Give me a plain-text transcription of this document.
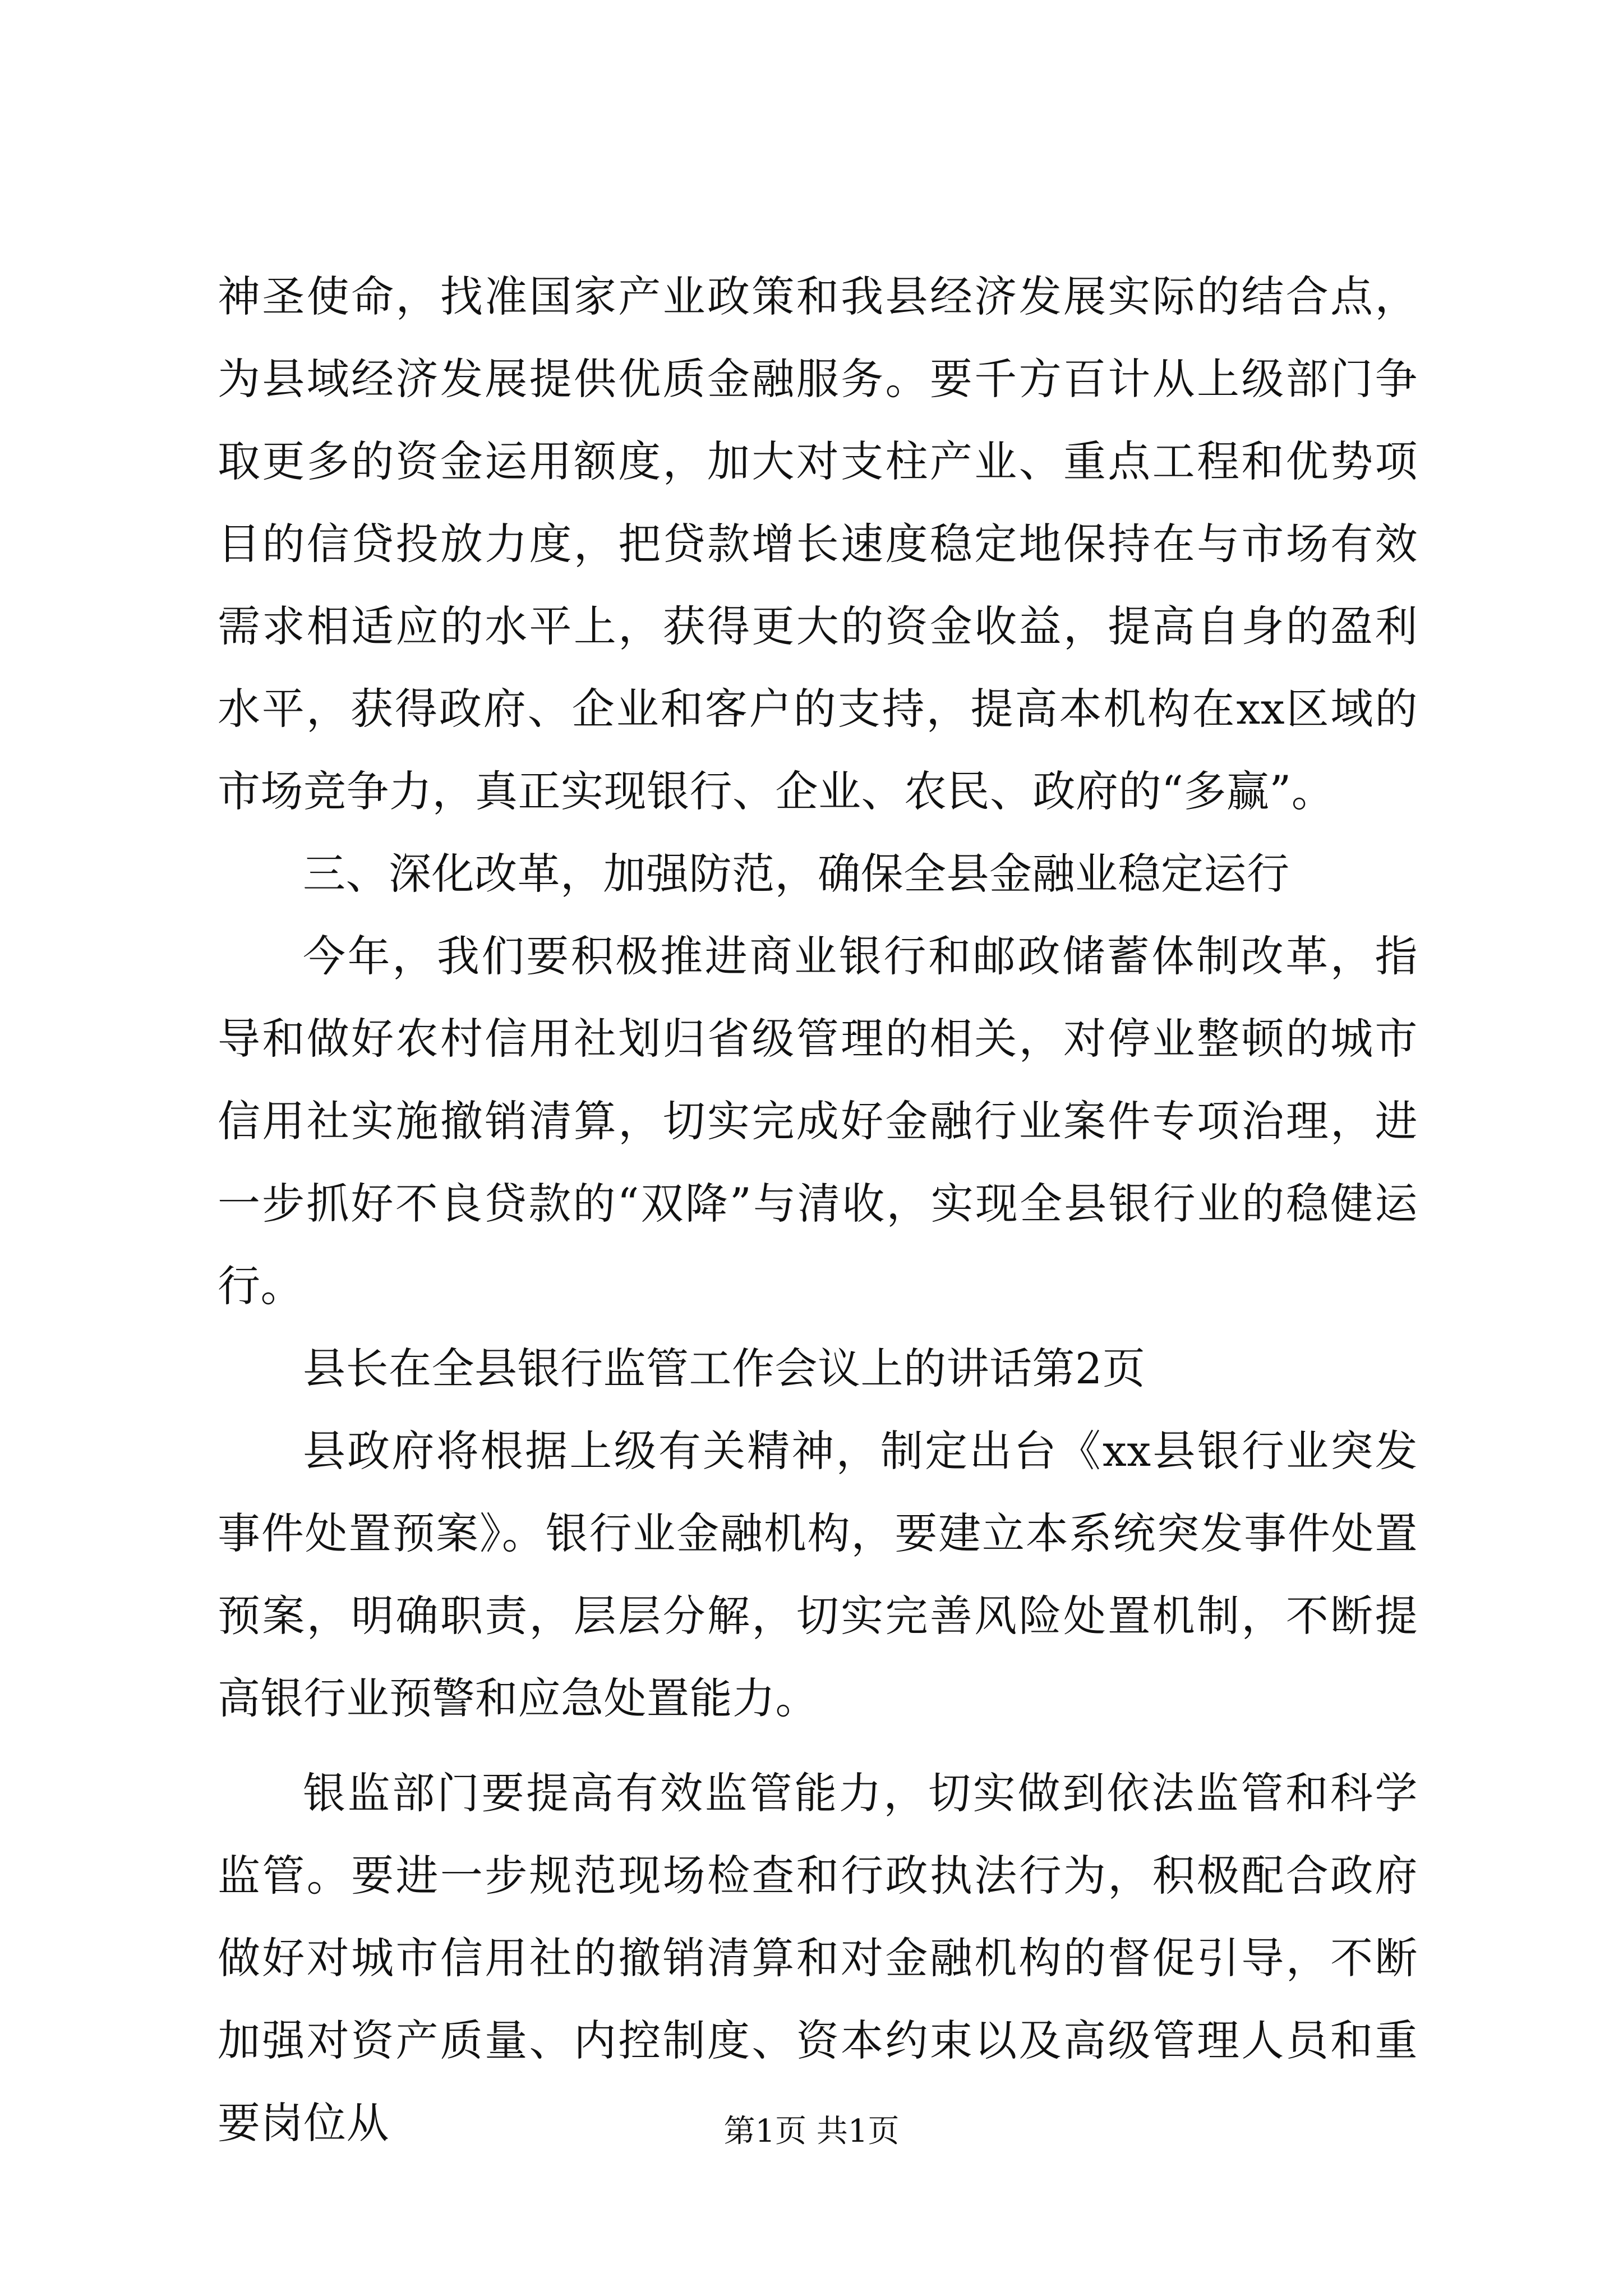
神圣使命，找准国家产业政策和我县经济发展实际的结合点，为县域经济发展提供优质金融服务。要千方百计从上级部门争取更多的资金运用额度，加大对支柱产业、重点工程和优势项目的信贷投放力度，把贷款增长速度稳定地保持在与市场有效需求相适应的水平上，获得更大的资金收益，提高自身的盈利水平，获得政府、企业和客户的支持，提高本机构在xx区域的市场竞争力，真正实现银行、企业、农民、政府的“多赢”。

三、深化改革，加强防范，确保全县金融业稳定运行

今年，我们要积极推进商业银行和邮政储蓄体制改革，指导和做好农村信用社划归省级管理的相关，对停业整顿的城市信用社实施撤销清算，切实完成好金融行业案件专项治理，进一步抓好不良贷款的“双降”与清收，实现全县银行业的稳健运行。

县长在全县银行监管工作会议上的讲话第2页

县政府将根据上级有关精神，制定出台《xx县银行业突发事件处置预案》。银行业金融机构，要建立本系统突发事件处置预案，明确职责，层层分解，切实完善风险处置机制，不断提高银行业预警和应急处置能力。

银监部门要提高有效监管能力，切实做到依法监管和科学监管。要进一步规范现场检查和行政执法行为，积极配合政府做好对城市信用社的撤销清算和对金融机构的督促引导，不断加强对资产质量、内控制度、资本约束以及高级管理人员和重要岗位从	第1页 共1页
